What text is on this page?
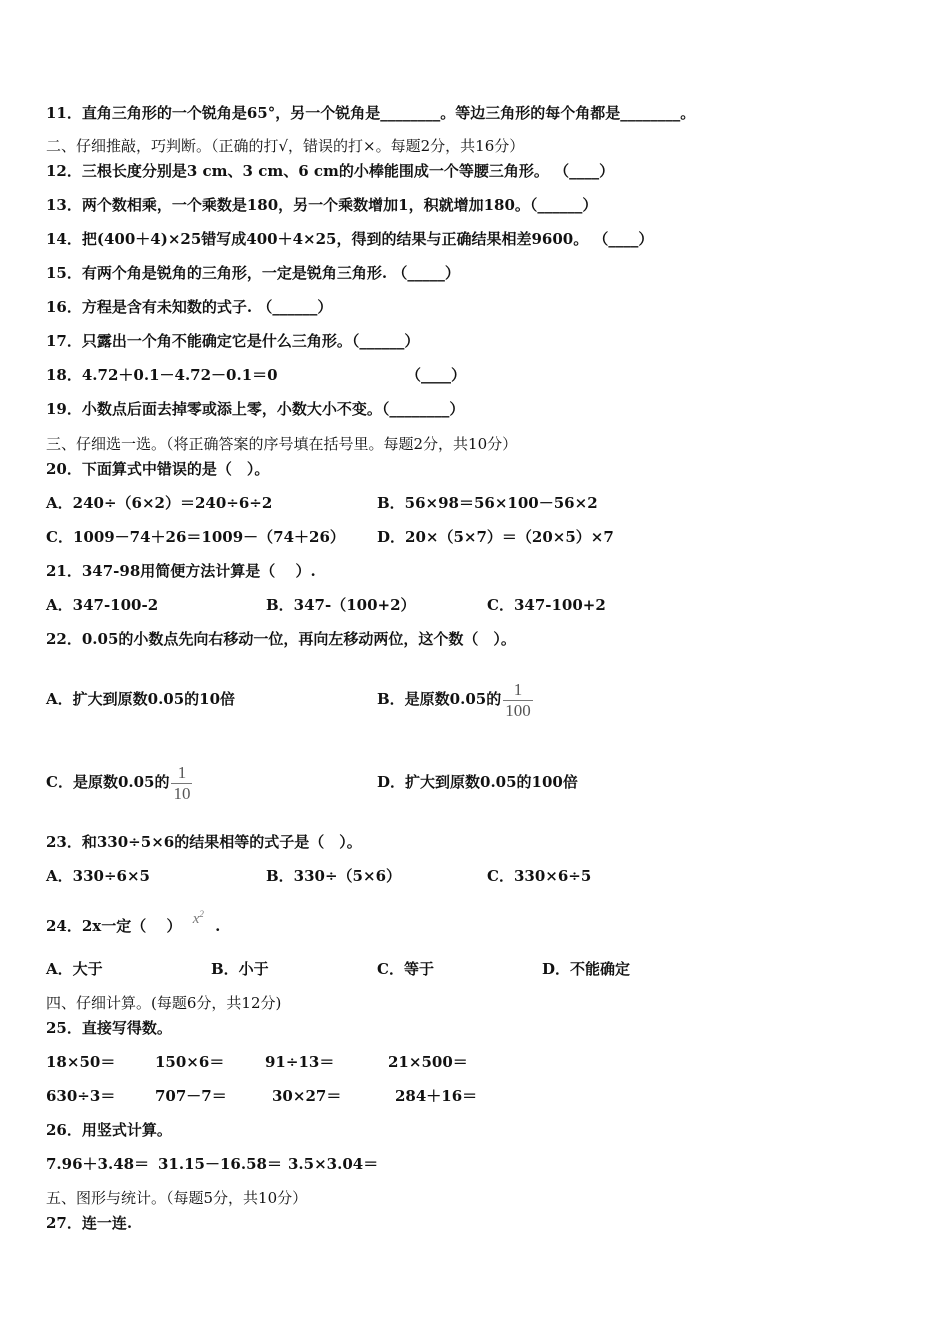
11．直角三角形的一个锐角是65°，另一个锐角是________。等边三角形的每个角都是________。
二、仔细推敲，巧判断。（正确的打√，错误的打×。每题2分，共16分）
12．三根长度分别是3 cm、3 cm、6 cm的小棒能围成一个等腰三角形。 （____）
13．两个数相乘，一个乘数是180，另一个乘数增加1，积就增加180。（______）
14．把(400＋4)×25错写成400＋4×25，得到的结果与正确结果相差9600。 （____）
15．有两个角是锐角的三角形，一定是锐角三角形. （_____）
16．方程是含有未知数的式子. （______）
17．只露出一个角不能确定它是什么三角形。（______）
18．4.72＋0.1－4.72－0.1＝0	（____）
19．小数点后面去掉零或添上零，小数大小不变。（________）
三、仔细选一选。（将正确答案的序号填在括号里。每题2分，共10分）
20．下面算式中错误的是（　）。
A．240÷（6×2）＝240÷6÷2	B．56×98＝56×100－56×2
C．1009－74＋26＝1009－（74＋26） D．20×（5×7）＝（20×5）×7
21．347-98用简便方法计算是（　 ）.
A．347-100-2	B．347-（100+2）	C．347-100+2
22．0.05的小数点先向右移动一位，再向左移动两位，这个数（　）。
A．扩大到原数0.05的10倍	B．是原数0.05的 $\frac{1}{100}$
C．是原数0.05的 $\frac{1}{10}$	D．扩大到原数0.05的100倍
23．和330÷5×6的结果相等的式子是（　）。
A．330÷6×5	B．330÷（5×6）	C．330×6÷5
24．2x一定（　 ） $x^2$ .
A．大于	B．小于	C．等于	D．不能确定
四、仔细计算。(每题6分，共12分)
25．直接写得数。
18×50＝	150×6＝	91÷13＝	21×500＝
630÷3＝	707－7＝	30×27＝	284＋16＝
26．用竖式计算。
7.96＋3.48＝ 31.15－16.58＝ 3.5×3.04＝
五、图形与统计。（每题5分，共10分）
27．连一连.
